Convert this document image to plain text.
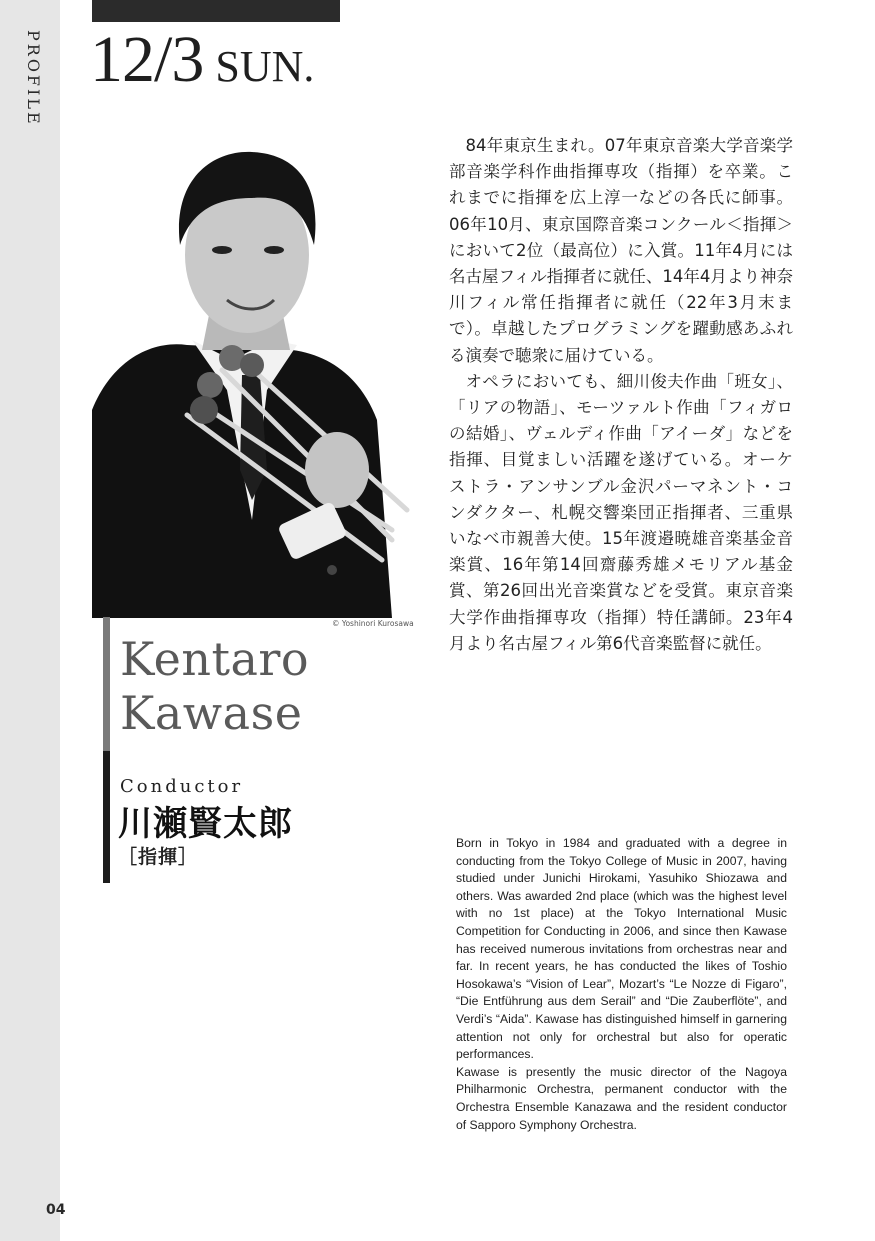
PROFILE
04
12/3 SUN.
© Yoshinori Kurosawa
Kentaro
Kawase
Conductor
川瀬賢太郎
［指揮］

84年東京生まれ。07年東京音楽大学音楽学部音楽学科作曲指揮専攻（指揮）を卒業。これまでに指揮を広上淳一などの各氏に師事。06年10月、東京国際音楽コンクール＜指揮＞において2位（最高位）に入賞。11年4月には名古屋フィル指揮者に就任、14年4月より神奈川フィル常任指揮者に就任（22年3月末まで）。卓越したプログラミングを躍動感あふれる演奏で聴衆に届けている。

オペラにおいても、細川俊夫作曲「班女」、「リアの物語」、モーツァルト作曲「フィガロの結婚」、ヴェルディ作曲「アイーダ」などを指揮、目覚ましい活躍を遂げている。オーケストラ・アンサンブル金沢パーマネント・コンダクター、札幌交響楽団正指揮者、三重県いなべ市親善大使。15年渡邉暁雄音楽基金音楽賞、16年第14回齋藤秀雄メモリアル基金賞、第26回出光音楽賞などを受賞。東京音楽大学作曲指揮専攻（指揮）特任講師。23年4月より名古屋フィル第6代音楽監督に就任。

Born in Tokyo in 1984 and graduated with a degree in conducting from the Tokyo College of Music in 2007, having studied under Junichi Hirokami, Yasuhiko Shiozawa and others. Was awarded 2nd place (which was the highest level with no 1st place) at the Tokyo International Music Competition for Conducting in 2006, and since then Kawase has received numerous invitations from orchestras near and far. In recent years, he has conducted the likes of Toshio Hosokawa’s “Vision of Lear”, Mozart’s “Le Nozze di Figaro”, “Die Entführung aus dem Serail” and “Die Zauberflöte”, and Verdi’s “Aida”. Kawase has distinguished himself in garnering attention not only for orchestral but also for operatic performances.

Kawase is presently the music director of the Nagoya Philharmonic Orchestra, permanent conductor with the Orchestra Ensemble Kanazawa and the resident conductor of Sapporo Symphony Orchestra.
